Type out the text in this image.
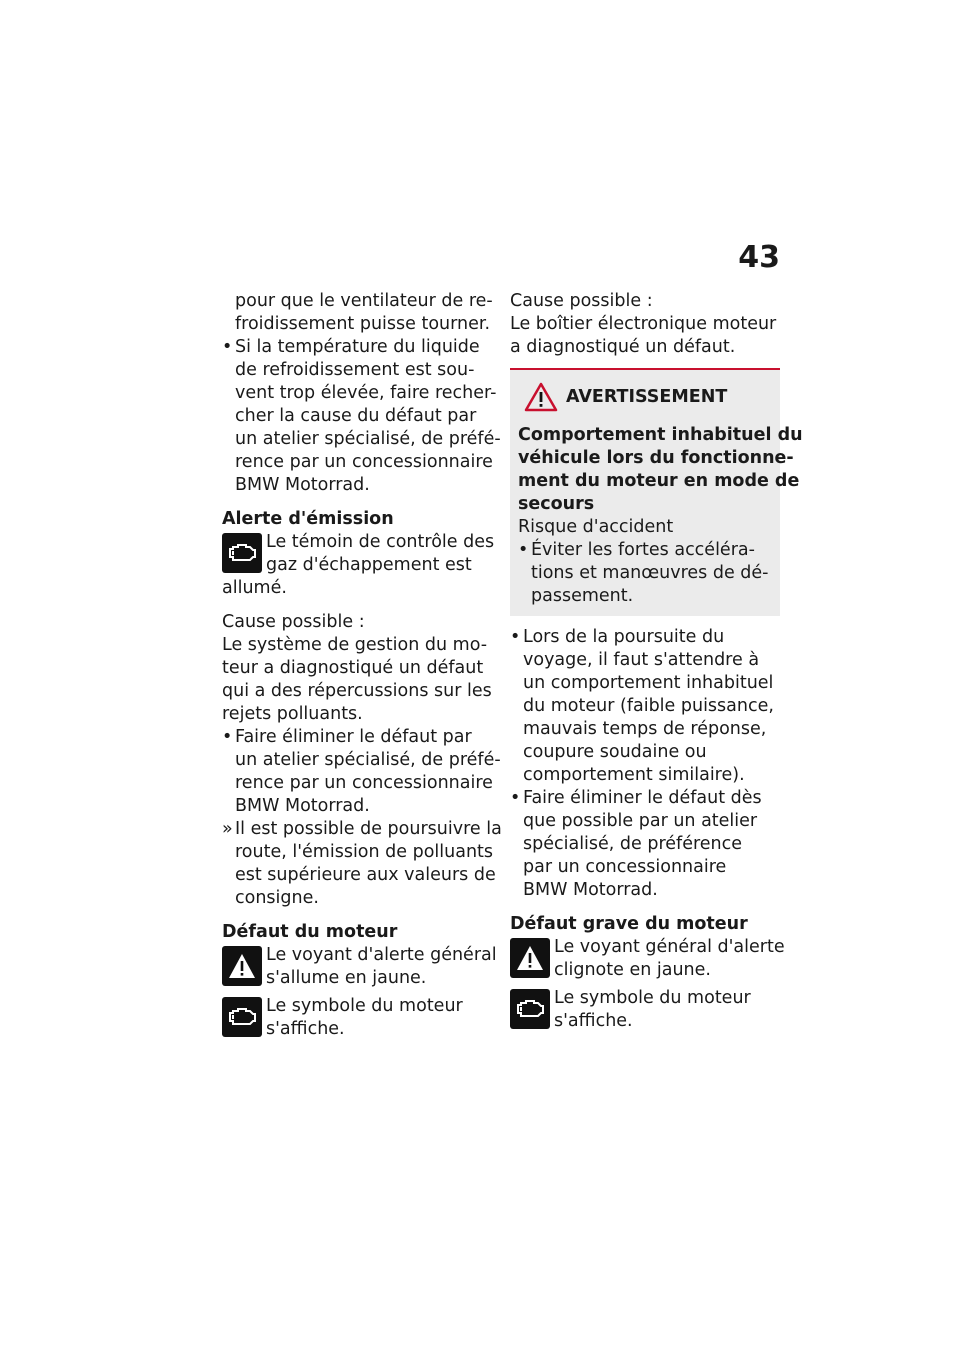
43
pour que le ventilateur de re-
froidissement puisse tourner.
• Si la température du liquide
de refroidissement est sou-
vent trop élevée, faire recher-
cher la cause du défaut par
un atelier spécialisé, de préfé-
rence par un concessionnaire
BMW Motorrad.
Alerte d'émission
Le témoin de contrôle des
gaz d'échappement est
allumé.
Cause possible :
Le système de gestion du mo-
teur a diagnostiqué un défaut
qui a des répercussions sur les
rejets polluants.
• Faire éliminer le défaut par
un atelier spécialisé, de préfé-
rence par un concessionnaire
BMW Motorrad.
» Il est possible de poursuivre la
route, l'émission de polluants
est supérieure aux valeurs de
consigne.
Défaut du moteur
Le voyant d'alerte général
s'allume en jaune.
Le symbole du moteur
s'affiche.
Cause possible :
Le boîtier électronique moteur
a diagnostiqué un défaut.
AVERTISSEMENT
Comportement inhabituel du
véhicule lors du fonctionne-
ment du moteur en mode de
secours
Risque d'accident
• Éviter les fortes accéléra-
tions et manœuvres de dé-
passement.
• Lors de la poursuite du
voyage, il faut s'attendre à
un comportement inhabituel
du moteur (faible puissance,
mauvais temps de réponse,
coupure soudaine ou
comportement similaire).
• Faire éliminer le défaut dès
que possible par un atelier
spécialisé, de préférence
par un concessionnaire
BMW Motorrad.
Défaut grave du moteur
Le voyant général d'alerte
clignote en jaune.
Le symbole du moteur
s'affiche.
